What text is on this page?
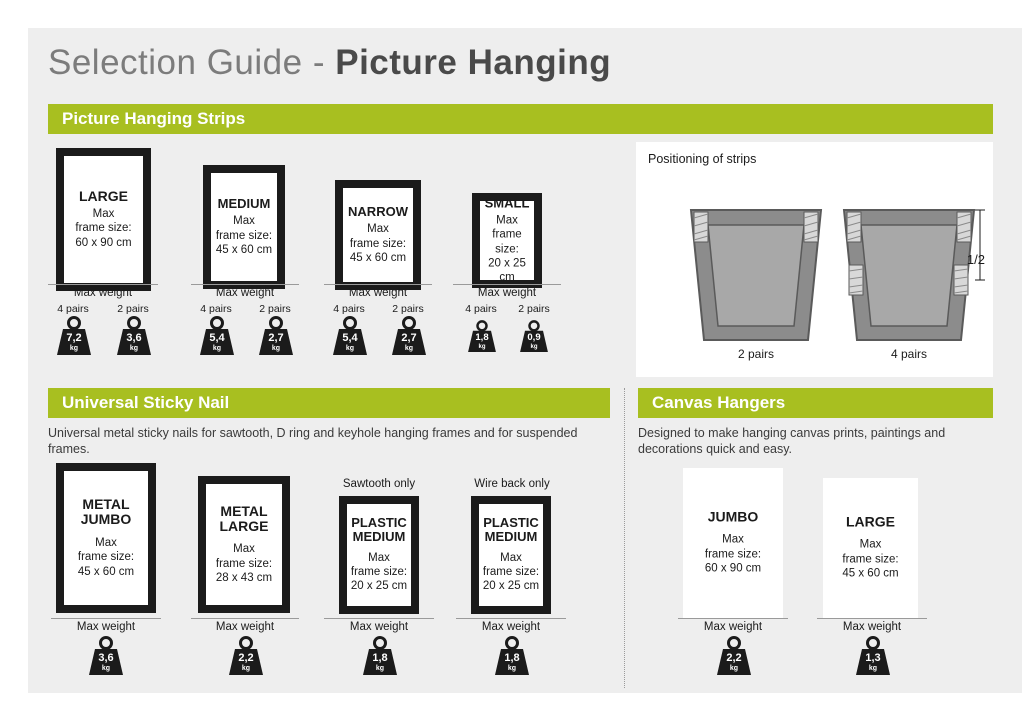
Selection Guide - Picture Hanging
Picture Hanging Strips
LARGE
Max
frame size:
60 x 90 cm
Max weight
4 pairs	2 pairs
7,2
kg
3,6
kg
MEDIUM
Max
frame size:
45 x 60 cm
Max weight
4 pairs	2 pairs
5,4
kg
2,7
kg
NARROW
Max
frame size:
45 x 60 cm
Max weight
4 pairs	2 pairs
5,4
kg
2,7
kg
SMALL
Max
frame size:
20 x 25 cm
Max weight
4 pairs	2 pairs
1,8
kg
0,9
kg
Positioning of strips
1/2
2 pairs	4 pairs
Universal Sticky Nail
Universal metal sticky nails for sawtooth, D ring and keyhole hanging frames and for suspended frames.
METAL
JUMBO
Max
frame size:
45 x 60 cm
Max weight
3,6
kg
METAL
LARGE
Max
frame size:
28 x 43 cm
Max weight
2,2
kg
Sawtooth only
PLASTIC
MEDIUM
Max
frame size:
20 x 25 cm
Max weight
1,8
kg
Wire back only
PLASTIC
MEDIUM
Max
frame size:
20 x 25 cm
Max weight
1,8
kg
Canvas Hangers
Designed to make hanging canvas prints, paintings and decorations quick and easy.
JUMBO
Max
frame size:
60 x 90 cm
Max weight
2,2
kg
LARGE
Max
frame size:
45 x 60 cm
Max weight
1,3
kg
